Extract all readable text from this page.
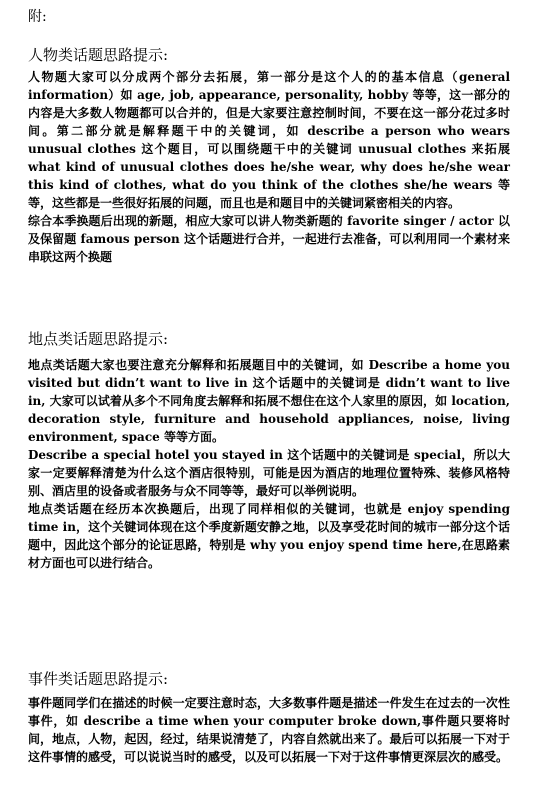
附:
人物类话题思路提示:

人物题大家可以分成两个部分去拓展，第一部分是这个人的的基本信息（general information）如 age, job, appearance, personality, hobby 等等，这一部分的内容是大多数人物题都可以合并的，但是大家要注意控制时间，不要在这一部分花过多时间。第二部分就是解释题干中的关键词，如 describe a person who wears unusual clothes 这个题目，可以围绕题干中的关键词 unusual clothes 来拓展 what kind of unusual clothes does he/she wear, why does he/she wear this kind of clothes, what do you think of the clothes she/he wears 等等，这些都是一些很好拓展的问题，而且也是和题目中的关键词紧密相关的内容。

综合本季换题后出现的新题，相应大家可以讲人物类新题的 favorite singer / actor 以及保留题 famous person 这个话题进行合并，一起进行去准备，可以利用同一个素材来串联这两个换题

地点类话题思路提示:

地点类话题大家也要注意充分解释和拓展题目中的关键词，如 Describe a home you visited but didn’t want to live in 这个话题中的关键词是 didn’t want to live in, 大家可以试着从多个不同角度去解释和拓展不想住在这个人家里的原因，如 location, decoration style, furniture and household appliances, noise, living environment, space 等等方面。

Describe a special hotel you stayed in 这个话题中的关键词是 special，所以大家一定要解释清楚为什么这个酒店很特别，可能是因为酒店的地理位置特殊、装修风格特别、酒店里的设备或者服务与众不同等等，最好可以举例说明。

地点类话题在经历本次换题后，出现了同样相似的关键词，也就是 enjoy spending time in，这个关键词体现在这个季度新题安静之地，以及享受花时间的城市一部分这个话题中，因此这个部分的论证思路，特别是 why you enjoy spend time here,在思路素材方面也可以进行结合。

事件类话题思路提示:

事件题同学们在描述的时候一定要注意时态，大多数事件题是描述一件发生在过去的一次性事件，如 describe a time when your computer broke down,事件题只要将时间，地点，人物，起因，经过，结果说清楚了，内容自然就出来了。最后可以拓展一下对于这件事情的感受，可以说说当时的感受，以及可以拓展一下对于这件事情更深层次的感受。
